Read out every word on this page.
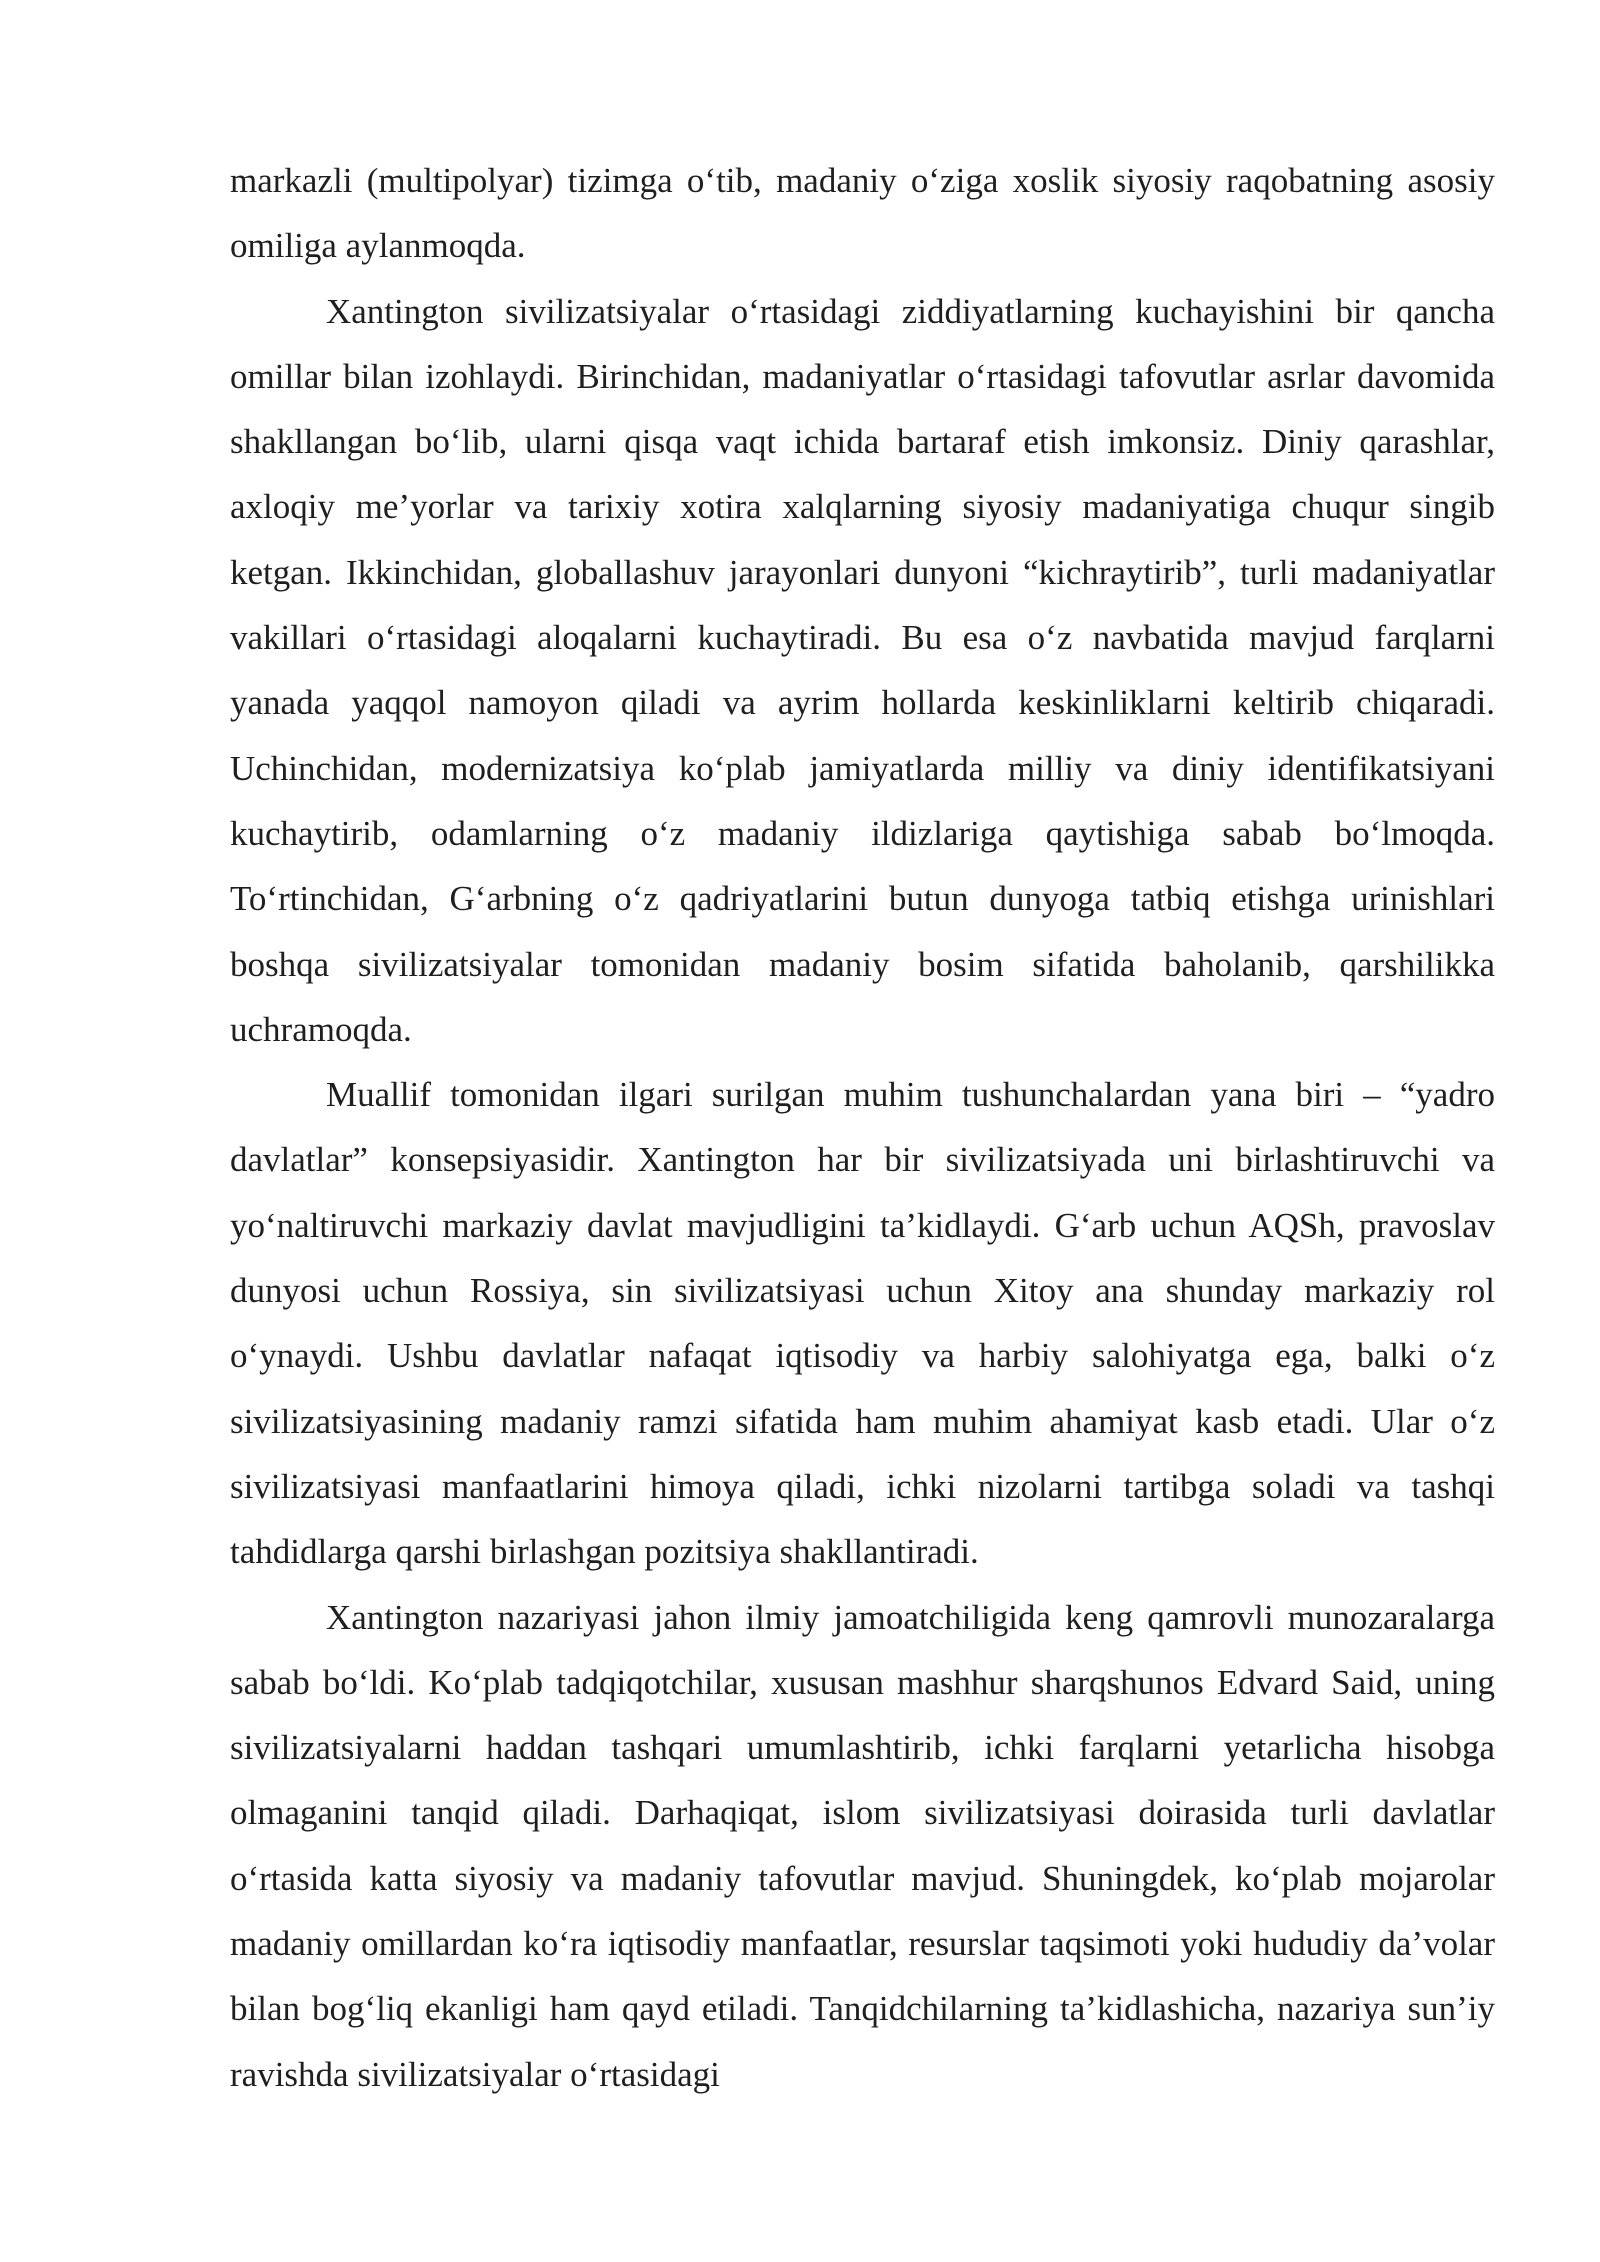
markazli (multipolyar) tizimga oʻtib, madaniy oʻziga xoslik siyosiy raqobatning asosiy omiliga aylanmoqda.

Xantington sivilizatsiyalar oʻrtasidagi ziddiyatlarning kuchayishini bir qancha omillar bilan izohlaydi. Birinchidan, madaniyatlar oʻrtasidagi tafovutlar asrlar davomida shakllangan boʻlib, ularni qisqa vaqt ichida bartaraf etish imkonsiz. Diniy qarashlar, axloqiy me’yorlar va tarixiy xotira xalqlarning siyosiy madaniyatiga chuqur singib ketgan. Ikkinchidan, globallashuv jarayonlari dunyoni “kichraytirib”, turli madaniyatlar vakillari oʻrtasidagi aloqalarni kuchaytiradi. Bu esa oʻz navbatida mavjud farqlarni yanada yaqqol namoyon qiladi va ayrim hollarda keskinliklarni keltirib chiqaradi. Uchinchidan, modernizatsiya koʻplab jamiyatlarda milliy va diniy identifikatsiyani kuchaytirib, odamlarning oʻz madaniy ildizlariga qaytishiga sabab boʻlmoqda. Toʻrtinchidan, Gʻarbning oʻz qadriyatlarini butun dunyoga tatbiq etishga urinishlari boshqa sivilizatsiyalar tomonidan madaniy bosim sifatida baholanib, qarshilikka uchramoqda.

Muallif tomonidan ilgari surilgan muhim tushunchalardan yana biri – “yadro davlatlar” konsepsiyasidir. Xantington har bir sivilizatsiyada uni birlashtiruvchi va yoʻnaltiruvchi markaziy davlat mavjudligini ta’kidlaydi. Gʻarb uchun AQSh, pravoslav dunyosi uchun Rossiya, sin sivilizatsiyasi uchun Xitoy ana shunday markaziy rol oʻynaydi. Ushbu davlatlar nafaqat iqtisodiy va harbiy salohiyatga ega, balki oʻz sivilizatsiyasining madaniy ramzi sifatida ham muhim ahamiyat kasb etadi. Ular oʻz sivilizatsiyasi manfaatlarini himoya qiladi, ichki nizolarni tartibga soladi va tashqi tahdidlarga qarshi birlashgan pozitsiya shakllantiradi.

Xantington nazariyasi jahon ilmiy jamoatchiligida keng qamrovli munozaralarga sabab boʻldi. Koʻplab tadqiqotchilar, xususan mashhur sharqshunos Edvard Said, uning sivilizatsiyalarni haddan tashqari umumlashtirib, ichki farqlarni yetarlicha hisobga olmaganini tanqid qiladi. Darhaqiqat, islom sivilizatsiyasi doirasida turli davlatlar oʻrtasida katta siyosiy va madaniy tafovutlar mavjud. Shuningdek, koʻplab mojarolar madaniy omillardan koʻra iqtisodiy manfaatlar, resurslar taqsimoti yoki hududiy da’volar bilan bogʻliq ekanligi ham qayd etiladi. Tanqidchilarning ta’kidlashicha, nazariya sun’iy ravishda sivilizatsiyalar oʻrtasidagi
